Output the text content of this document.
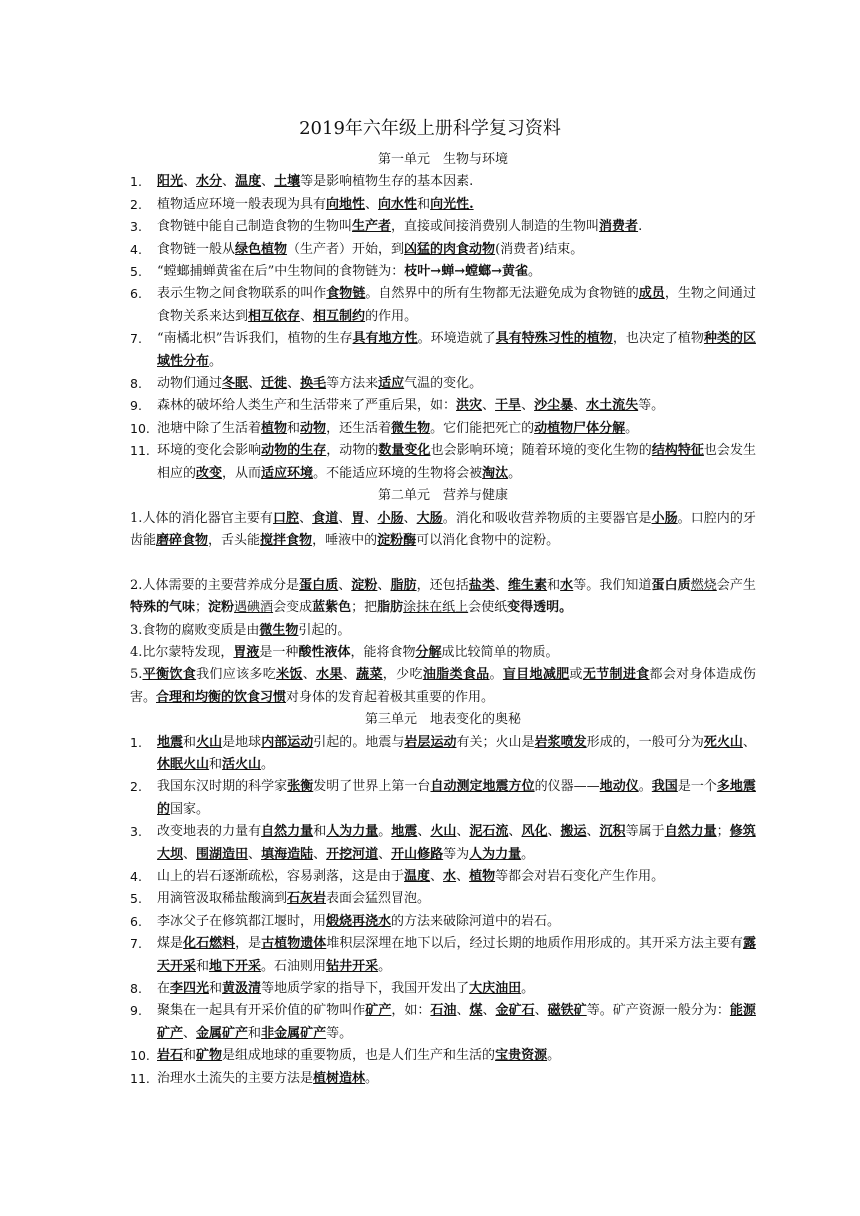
2019年六年级上册科学复习资料
第一单元　生物与环境
1.	阳光、水分、温度、土壤等是影响植物生存的基本因素.
2.	植物适应环境一般表现为具有向地性、向水性和向光性.
3.	食物链中能自己制造食物的生物叫生产者，直接或间接消费别人制造的生物叫消费者.
4.	食物链一般从绿色植物（生产者）开始，到凶猛的肉食动物(消费者)结束。
5.	“螳螂捕蝉黄雀在后”中生物间的食物链为：枝叶→蝉→螳螂→黄雀。
6.	表示生物之间食物联系的叫作食物链。自然界中的所有生物都无法避免成为食物链的成员，生物之间通过食物关系来达到相互依存、相互制约的作用。
7.	“南橘北枳”告诉我们，植物的生存具有地方性。环境造就了具有特殊习性的植物，也决定了植物种类的区域性分布。
8.	动物们通过冬眠、迁徙、换毛等方法来适应气温的变化。
9.	森林的破坏给人类生产和生活带来了严重后果，如：洪灾、干旱、沙尘暴、水土流失等。
10. 池塘中除了生活着植物和动物，还生活着微生物。它们能把死亡的动植物尸体分解。
11. 环境的变化会影响动物的生存，动物的数量变化也会影响环境；随着环境的变化生物的结构特征也会发生相应的改变，从而适应环境。不能适应环境的生物将会被淘汰。
第二单元　营养与健康
1.人体的消化器官主要有口腔、食道、胃、小肠、大肠。消化和吸收营养物质的主要器官是小肠。口腔内的牙齿能磨碎食物，舌头能搅拌食物，唾液中的淀粉酶可以消化食物中的淀粉。
2.人体需要的主要营养成分是蛋白质、淀粉、脂肪，还包括盐类、维生素和水等。我们知道蛋白质燃烧会产生特殊的气味；淀粉遇碘酒会变成蓝紫色；把脂肪涂抹在纸上会使纸变得透明。
3.食物的腐败变质是由微生物引起的。
4.比尔蒙特发现，胃液是一种酸性液体，能将食物分解成比较简单的物质。
5.平衡饮食我们应该多吃米饭、水果、蔬菜，少吃油脂类食品。盲目地减肥或无节制进食都会对身体造成伤害。合理和均衡的饮食习惯对身体的发育起着极其重要的作用。
第三单元　地表变化的奥秘
1.	地震和火山是地球内部运动引起的。地震与岩层运动有关；火山是岩浆喷发形成的，一般可分为死火山、休眠火山和活火山。
2.	我国东汉时期的科学家张衡发明了世界上第一台自动测定地震方位的仪器——地动仪。我国是一个多地震的国家。
3.	改变地表的力量有自然力量和人为力量。地震、火山、泥石流、风化、搬运、沉积等属于自然力量；修筑大坝、围湖造田、填海造陆、开挖河道、开山修路等为人为力量。
4.	山上的岩石逐渐疏松，容易剥落，这是由于温度、水、植物等都会对岩石变化产生作用。
5.	用滴管汲取稀盐酸滴到石灰岩表面会猛烈冒泡。
6.	李冰父子在修筑都江堰时，用煅烧再浇水的方法来破除河道中的岩石。
7.	煤是化石燃料，是古植物遗体堆积层深埋在地下以后，经过长期的地质作用形成的。其开采方法主要有露天开采和地下开采。石油则用钻井开采。
8.	在李四光和黄汲清等地质学家的指导下，我国开发出了大庆油田。
9.	聚集在一起具有开采价值的矿物叫作矿产，如：石油、煤、金矿石、磁铁矿等。矿产资源一般分为：能源矿产、金属矿产和非金属矿产等。
10. 岩石和矿物是组成地球的重要物质，也是人们生产和生活的宝贵资源。
11. 治理水土流失的主要方法是植树造林。
